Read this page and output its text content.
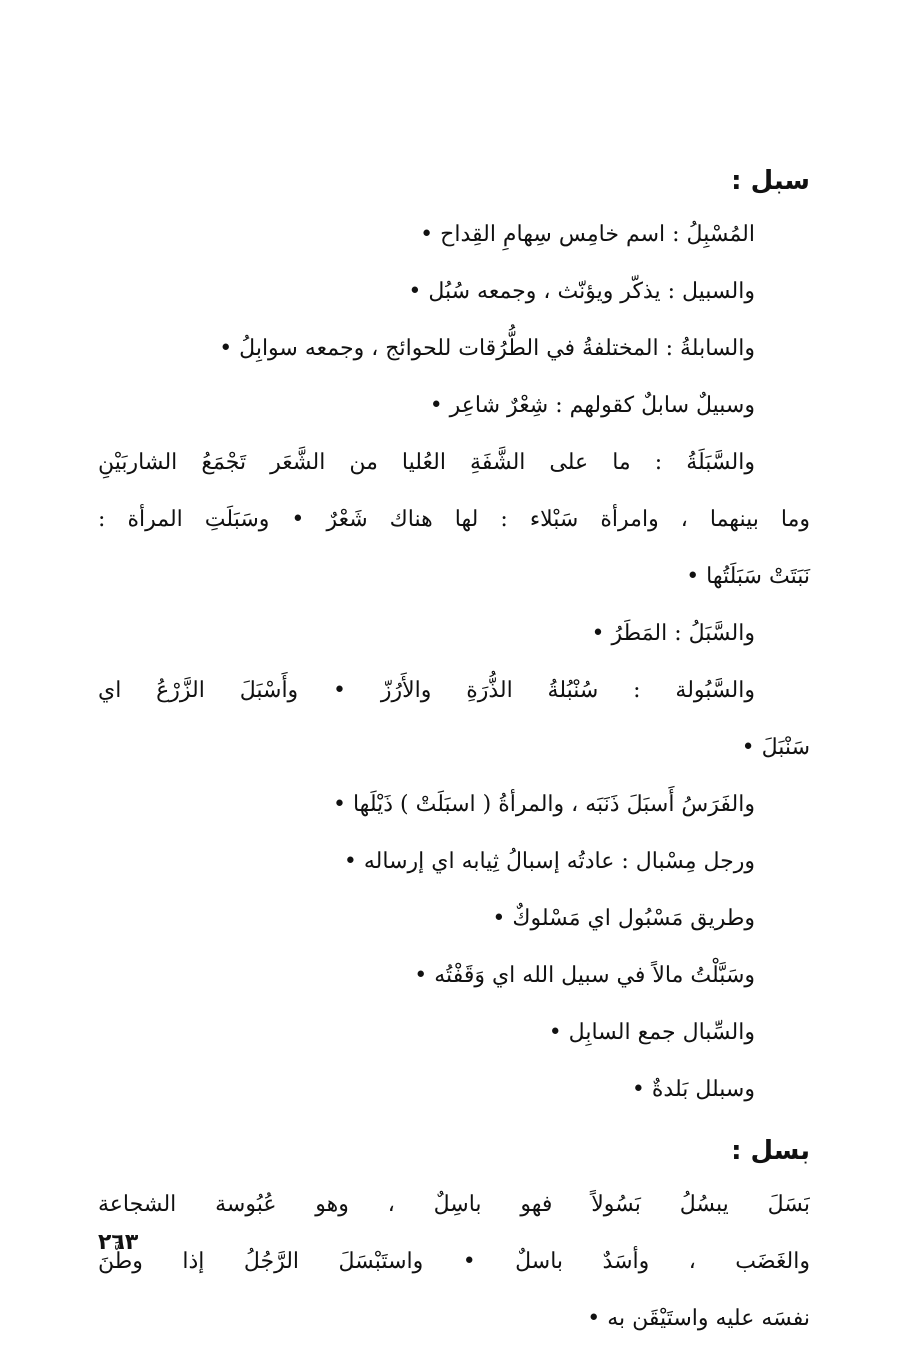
سبل :
المُسْبِلُ : اسم خامِس سِهامِ القِداح •
والسبيل : يذكّر ويؤنّث ، وجمعه سُبُل •
والسابلةُ : المختلفةُ في الطُّرُقات للحوائج ، وجمعه سوابِلُ •
وسبيلٌ سابلٌ كقولهم : شِعْرٌ شاعِر •
والسَّبَلَةُ : ما على الشَّفَةِ العُليا من الشَّعَر تَجْمَعُ الشاربَيْنِ
وما بينهما ، وامرأة سَبْلاء : لها هناك شَعْرٌ • وسَبَلَتِ المرأة :
نَبَتَتْ سَبَلَتُها •
والسَّبَلُ : المَطَرُ •
والسَّبُولة : سُنْبُلةُ الذُّرَةِ والأَرُزّ • وأَسْبَلَ الزَّرْعُ اي
سَنْبَلَ •
والفَرَسُ أَسبَلَ ذَنَبَه ، والمرأةُ ( اسبَلَتْ ) ذَيْلَها •
ورجل مِسْبال : عادتُه إسبالُ ثِيابه اي إرساله •
وطريق مَسْبُول اي مَسْلوكٌ •
وسَبَّلْتُ مالاً في سبيل الله اي وَقَفْتُه •
والسِّبال جمع السابِل •
وسبلل بَلدةٌ •
بسل :
بَسَلَ يبسُلُ بَسُولاً فهو باسِلٌ ، وهو عُبُوسة الشجاعة
والغَضَب ، وأسَدٌ باسلٌ • واستَبْسَلَ الرَّجُلُ إذا وطَّنَ
نفسَه عليه واستَيْقَن به •
٢٦٣
